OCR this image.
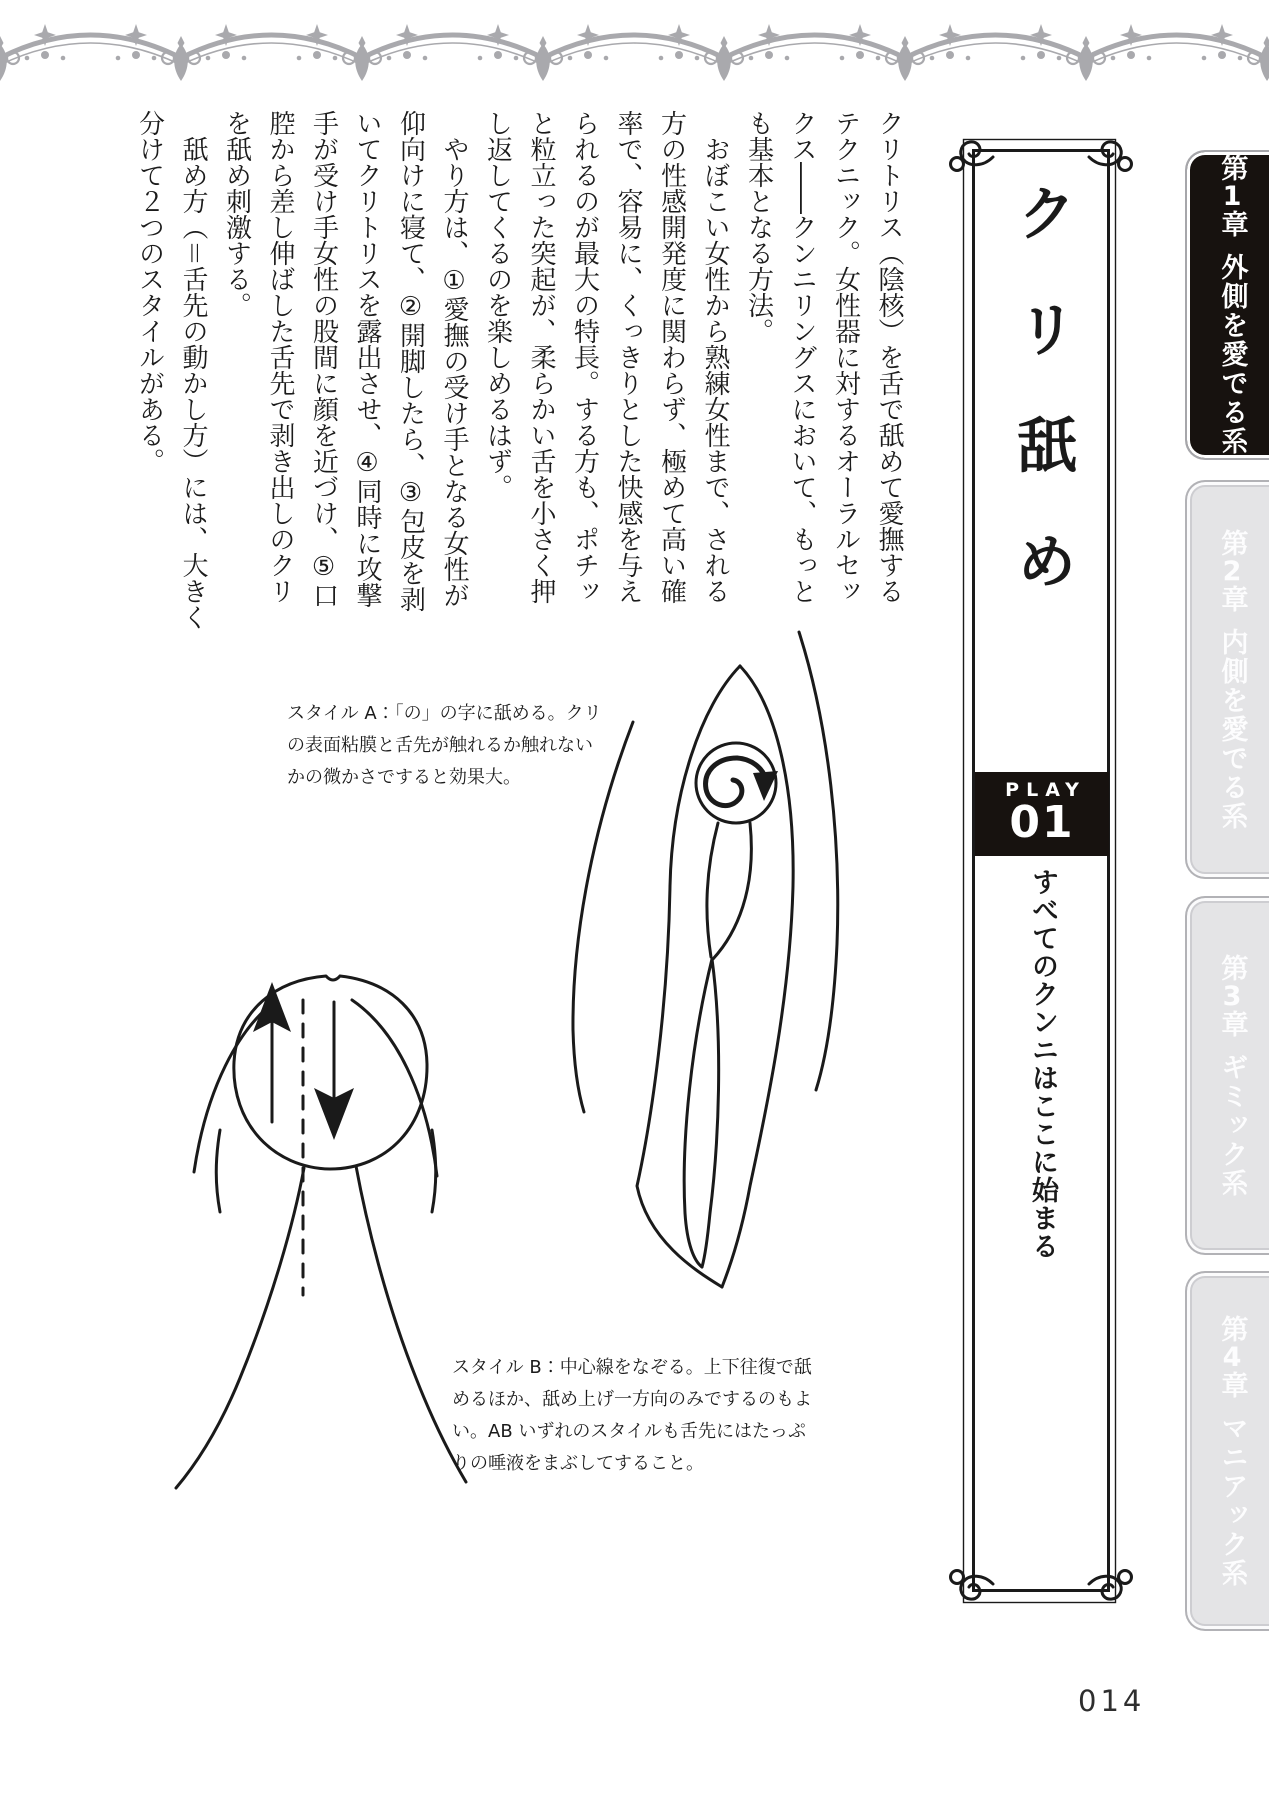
クリトリス（陰核）を舌で舐めて愛撫する
テクニック。女性器に対するオーラルセッ
クス――クンニリングスにおいて、もっと
も基本となる方法。
　おぼこい女性から熟練女性まで、される
方の性感開発度に関わらず、極めて高い確
率で、容易に、くっきりとした快感を与え
られるのが最大の特長。する方も、ポチッ
と粒立った突起が、柔らかい舌を小さく押
し返してくるのを楽しめるはず。
　やり方は、①愛撫の受け手となる女性が
仰向けに寝て、②開脚したら、③包皮を剥
いてクリトリスを露出させ、④同時に攻撃
手が受け手女性の股間に顔を近づけ、⑤口
腔から差し伸ばした舌先で剥き出しのクリ
を舐め刺激する。
　舐め方（＝舌先の動かし方）には、大きく
分けて２つのスタイルがある。
スタイル A：「の」の字に舐める。クリ
の表面粘膜と舌先が触れるか触れない
かの微かさですると効果大。
スタイル B：中心線をなぞる。上下往復で舐
めるほか、舐め上げ一方向のみでするのもよ
い。AB いずれのスタイルも舌先にはたっぷ
りの唾液をまぶしてすること。
クリ舐め
PLAY
01
すべてのクンニはここに始まる
第1章外側を愛でる系
第2章内側を愛でる系
第3章ギミック系
第4章マニアック系
014
